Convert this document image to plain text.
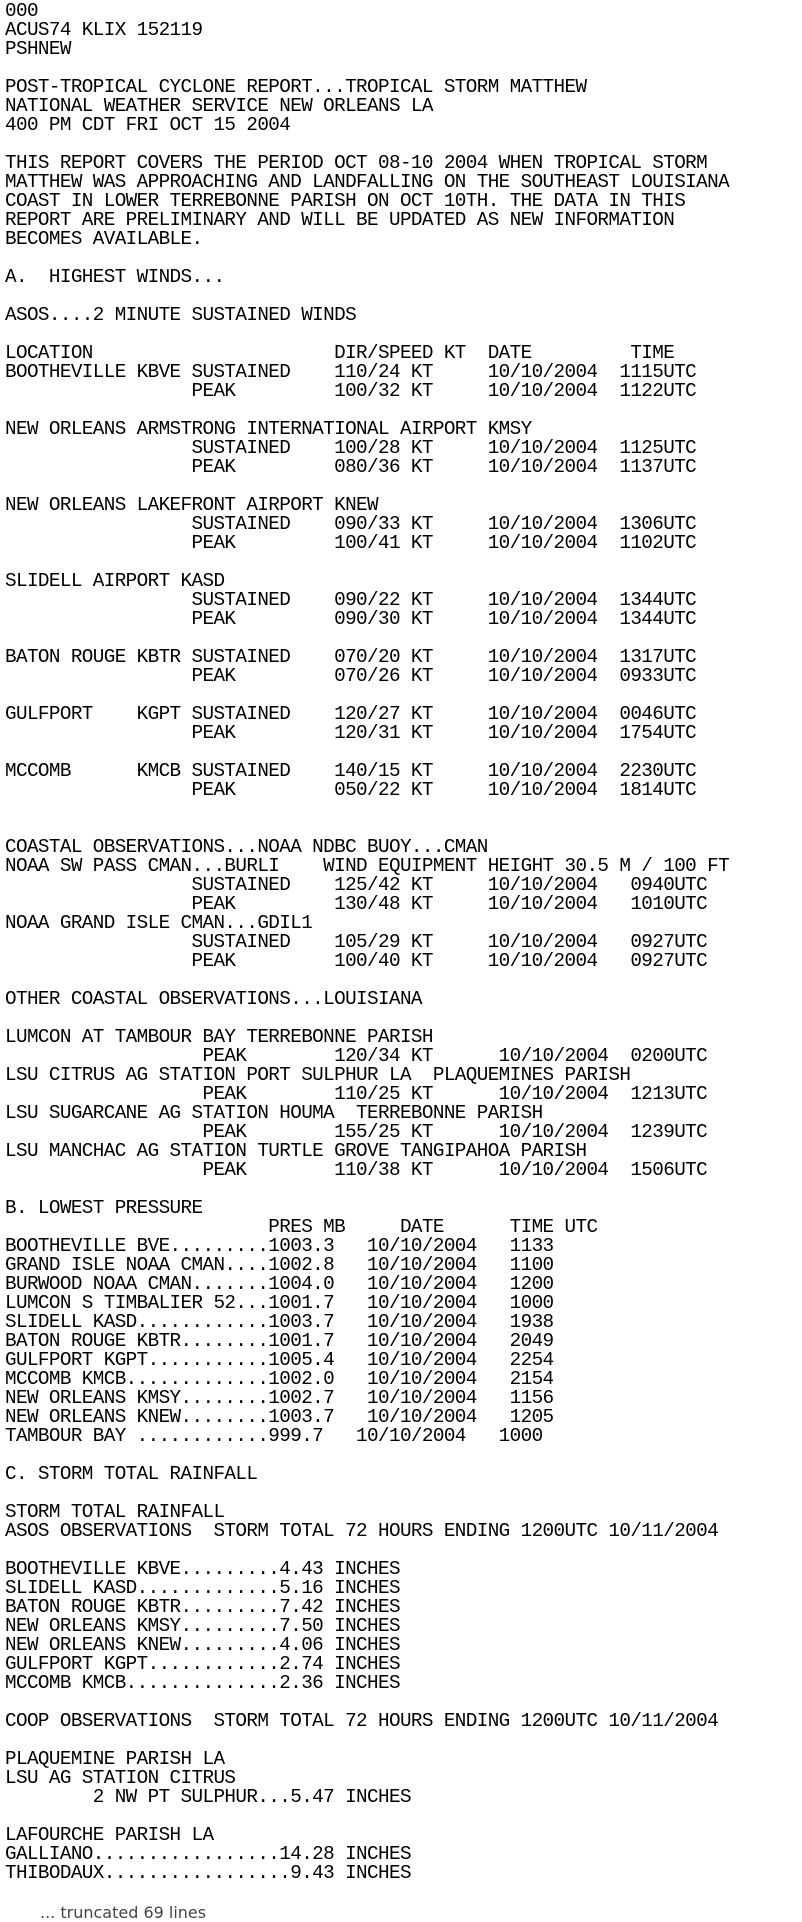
000
ACUS74 KLIX 152119
PSHNEW

POST-TROPICAL CYCLONE REPORT...TROPICAL STORM MATTHEW
NATIONAL WEATHER SERVICE NEW ORLEANS LA
400 PM CDT FRI OCT 15 2004

THIS REPORT COVERS THE PERIOD OCT 08-10 2004 WHEN TROPICAL STORM
MATTHEW WAS APPROACHING AND LANDFALLING ON THE SOUTHEAST LOUISIANA
COAST IN LOWER TERREBONNE PARISH ON OCT 10TH. THE DATA IN THIS
REPORT ARE PRELIMINARY AND WILL BE UPDATED AS NEW INFORMATION
BECOMES AVAILABLE.

A.  HIGHEST WINDS...

ASOS....2 MINUTE SUSTAINED WINDS

LOCATION                      DIR/SPEED KT  DATE         TIME
BOOTHEVILLE KBVE SUSTAINED    110/24 KT     10/10/2004  1115UTC
PEAK         100/32 KT     10/10/2004  1122UTC

NEW ORLEANS ARMSTRONG INTERNATIONAL AIRPORT KMSY
SUSTAINED    100/28 KT     10/10/2004  1125UTC
PEAK         080/36 KT     10/10/2004  1137UTC

NEW ORLEANS LAKEFRONT AIRPORT KNEW
SUSTAINED    090/33 KT     10/10/2004  1306UTC
PEAK         100/41 KT     10/10/2004  1102UTC

SLIDELL AIRPORT KASD
SUSTAINED    090/22 KT     10/10/2004  1344UTC
PEAK         090/30 KT     10/10/2004  1344UTC

BATON ROUGE KBTR SUSTAINED    070/20 KT     10/10/2004  1317UTC
PEAK         070/26 KT     10/10/2004  0933UTC

GULFPORT    KGPT SUSTAINED    120/27 KT     10/10/2004  0046UTC
PEAK         120/31 KT     10/10/2004  1754UTC

MCCOMB      KMCB SUSTAINED    140/15 KT     10/10/2004  2230UTC
PEAK         050/22 KT     10/10/2004  1814UTC

COASTAL OBSERVATIONS...NOAA NDBC BUOY...CMAN
NOAA SW PASS CMAN...BURLI    WIND EQUIPMENT HEIGHT 30.5 M / 100 FT
SUSTAINED    125/42 KT     10/10/2004   0940UTC
PEAK         130/48 KT     10/10/2004   1010UTC
NOAA GRAND ISLE CMAN...GDIL1
SUSTAINED    105/29 KT     10/10/2004   0927UTC
PEAK         100/40 KT     10/10/2004   0927UTC

OTHER COASTAL OBSERVATIONS...LOUISIANA

LUMCON AT TAMBOUR BAY TERREBONNE PARISH
PEAK        120/34 KT      10/10/2004  0200UTC
LSU CITRUS AG STATION PORT SULPHUR LA  PLAQUEMINES PARISH
PEAK        110/25 KT      10/10/2004  1213UTC
LSU SUGARCANE AG STATION HOUMA  TERREBONNE PARISH
PEAK        155/25 KT      10/10/2004  1239UTC
LSU MANCHAC AG STATION TURTLE GROVE TANGIPAHOA PARISH
PEAK        110/38 KT      10/10/2004  1506UTC

B. LOWEST PRESSURE
PRES MB     DATE      TIME UTC
BOOTHEVILLE BVE.........1003.3   10/10/2004   1133
GRAND ISLE NOAA CMAN....1002.8   10/10/2004   1100
BURWOOD NOAA CMAN.......1004.0   10/10/2004   1200
LUMCON S TIMBALIER 52...1001.7   10/10/2004   1000
SLIDELL KASD............1003.7   10/10/2004   1938
BATON ROUGE KBTR........1001.7   10/10/2004   2049
GULFPORT KGPT...........1005.4   10/10/2004   2254
MCCOMB KMCB.............1002.0   10/10/2004   2154
NEW ORLEANS KMSY........1002.7   10/10/2004   1156
NEW ORLEANS KNEW........1003.7   10/10/2004   1205
TAMBOUR BAY ............999.7   10/10/2004   1000

C. STORM TOTAL RAINFALL

STORM TOTAL RAINFALL
ASOS OBSERVATIONS  STORM TOTAL 72 HOURS ENDING 1200UTC 10/11/2004

BOOTHEVILLE KBVE.........4.43 INCHES
SLIDELL KASD.............5.16 INCHES
BATON ROUGE KBTR.........7.42 INCHES
NEW ORLEANS KMSY.........7.50 INCHES
NEW ORLEANS KNEW.........4.06 INCHES
GULFPORT KGPT............2.74 INCHES
MCCOMB KMCB..............2.36 INCHES

COOP OBSERVATIONS  STORM TOTAL 72 HOURS ENDING 1200UTC 10/11/2004

PLAQUEMINE PARISH LA
LSU AG STATION CITRUS
2 NW PT SULPHUR...5.47 INCHES

LAFOURCHE PARISH LA
GALLIANO.................14.28 INCHES
THIBODAUX.................9.43 INCHES
... truncated 69 lines
